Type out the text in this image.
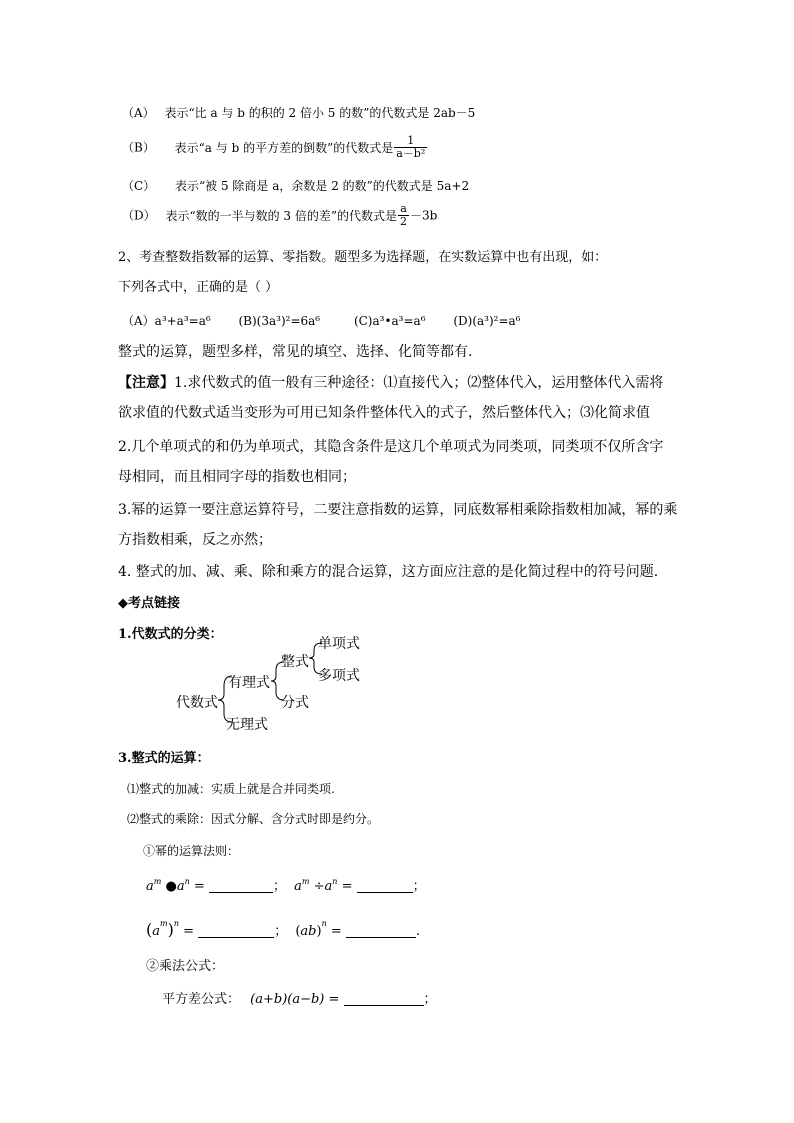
（A） 表示“比 a 与 b 的积的 2 倍小 5 的数”的代数式是 2ab－5
（B） 表示“a 与 b 的平方差的倒数”的代数式是 $\frac{1}{\text{a－b²}}$
（C） 表示“被 5 除商是 a，余数是 2 的数”的代数式是 5a+2
（D） 表示“数的一半与数的 3 倍的差”的代数式是 $\frac{a}{2} -3b$
2、考查整数指数幂的运算、零指数。题型多为选择题，在实数运算中也有出现，如：
下列各式中，正确的是（ ）
（A）a³+a³=a⁶ (B)(3a³)²=6a⁶	(C)a³•a³=a⁶ (D)(a³)²=a⁶
整式的运算，题型多样，常见的填空、选择、化简等都有.
【注意】1.求代数式的值一般有三种途径：⑴直接代入；⑵整体代入，运用整体代入需将
欲求值的代数式适当变形为可用已知条件整体代入的式子，然后整体代入；⑶化简求值
2.几个单项式的和仍为单项式，其隐含条件是这几个单项式为同类项，同类项不仅所含字
母相同，而且相同字母的指数也相同；
3.幂的运算一要注意运算符号，二要注意指数的运算，同底数幂相乘除指数相加减，幂的乘
方指数相乘，反之亦然；
4. 整式的加、减、乘、除和乘方的混合运算，这方面应注意的是化简过程中的符号问题.
◆考点链接
1.代数式的分类：
代数式
有理式
无理式
整式
分式
单项式
多项式
3.整式的运算：
⑴整式的加减：实质上就是合并同类项.
⑵整式的乘除：因式分解、含分式时即是约分。
①幂的运算法则：
$a^m$ $●a^n$ =	； $a^m \div a^n$ =	；
$(a^m)^n$ =	； (ab)$^n$ =	.
②乘法公式：
平方差公式： (a+b)(a−b) =	；
